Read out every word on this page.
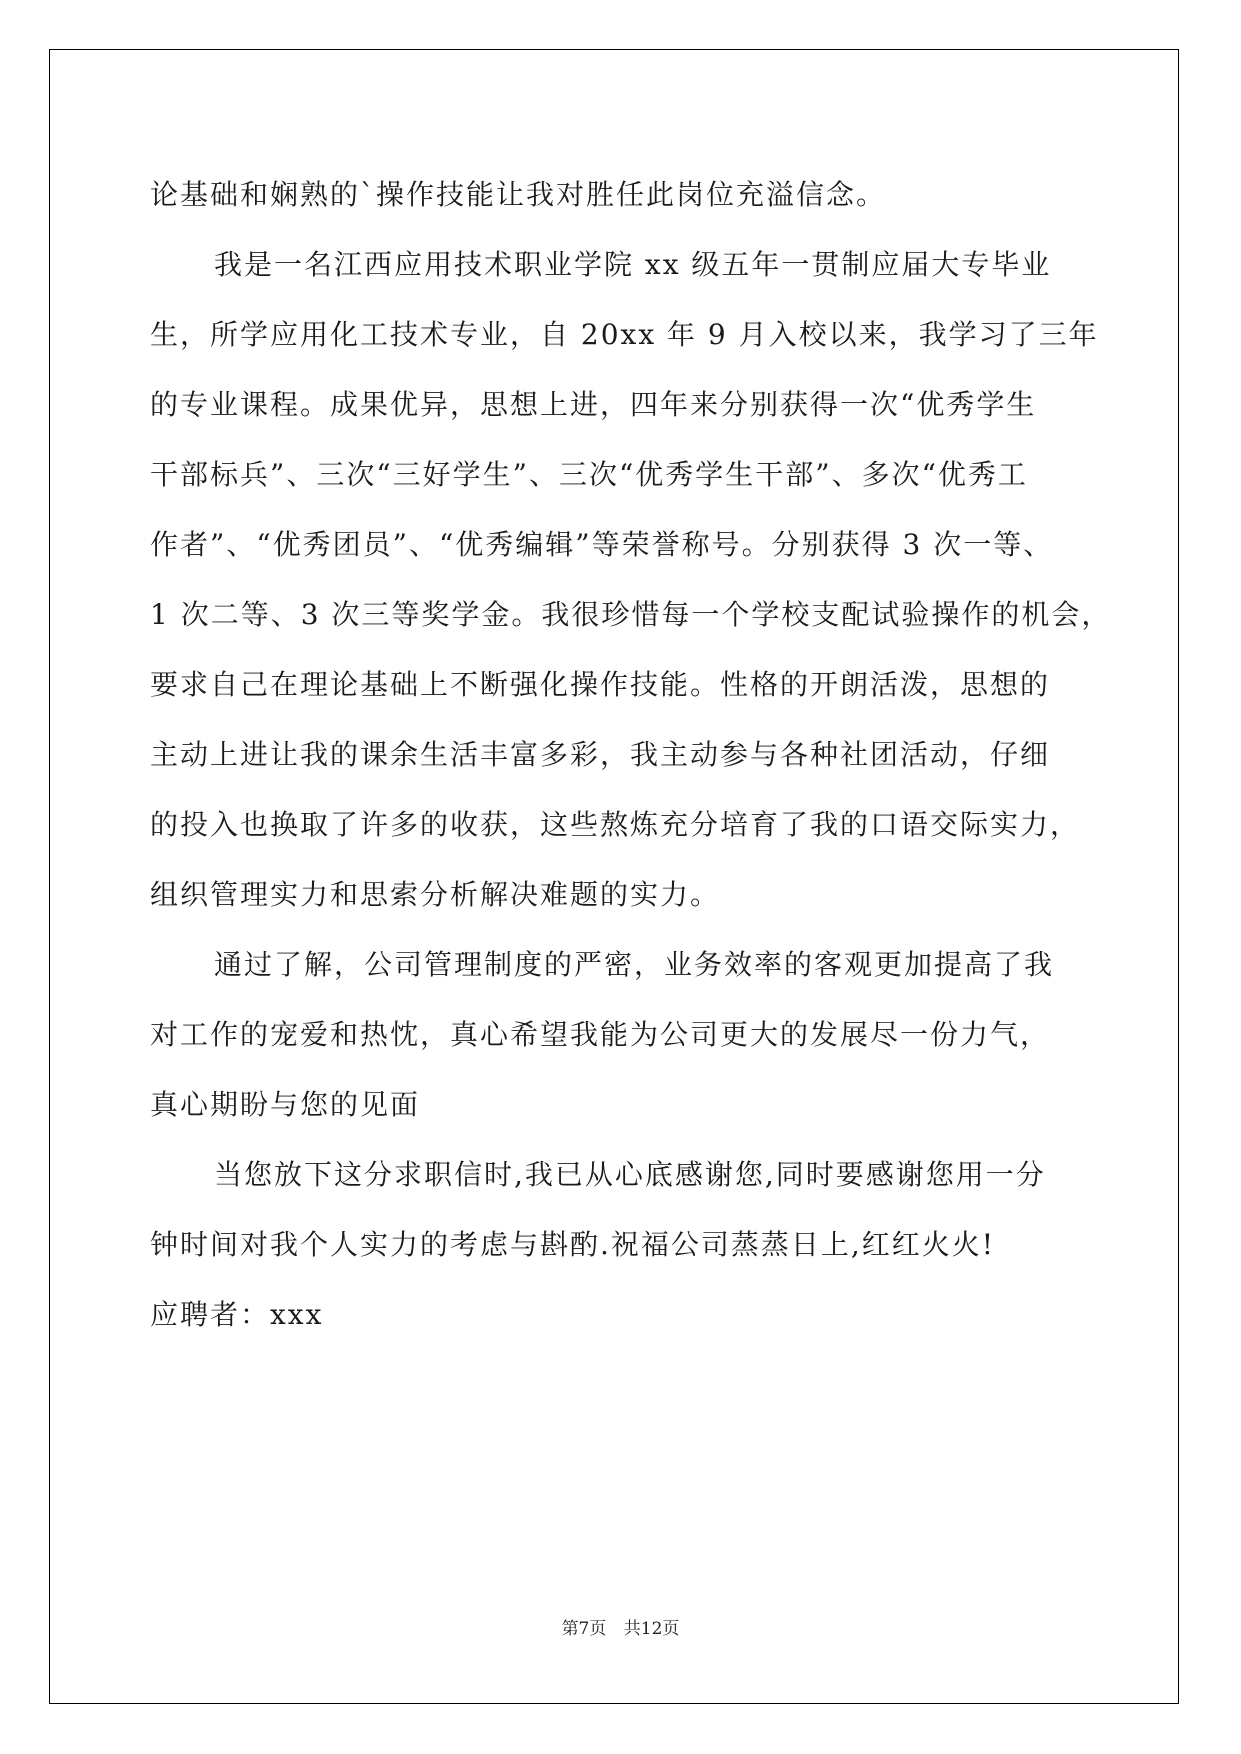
论基础和娴熟的`操作技能让我对胜任此岗位充溢信念。
我是一名江西应用技术职业学院 xx 级五年一贯制应届大专毕业
生，所学应用化工技术专业，自 20xx 年 9 月入校以来，我学习了三年
的专业课程。成果优异，思想上进，四年来分别获得一次“优秀学生
干部标兵”、三次“三好学生”、三次“优秀学生干部”、多次“优秀工
作者”、“优秀团员”、“优秀编辑”等荣誉称号。分别获得 3 次一等、
1 次二等、3 次三等奖学金。我很珍惜每一个学校支配试验操作的机会，
要求自己在理论基础上不断强化操作技能。性格的开朗活泼，思想的
主动上进让我的课余生活丰富多彩，我主动参与各种社团活动，仔细
的投入也换取了许多的收获，这些熬炼充分培育了我的口语交际实力，
组织管理实力和思索分析解决难题的实力。
通过了解，公司管理制度的严密，业务效率的客观更加提高了我
对工作的宠爱和热忱，真心希望我能为公司更大的发展尽一份力气，
真心期盼与您的见面
当您放下这分求职信时,我已从心底感谢您,同时要感谢您用一分
钟时间对我个人实力的考虑与斟酌.祝福公司蒸蒸日上,红红火火!
应聘者：xxx
第7页 共12页
